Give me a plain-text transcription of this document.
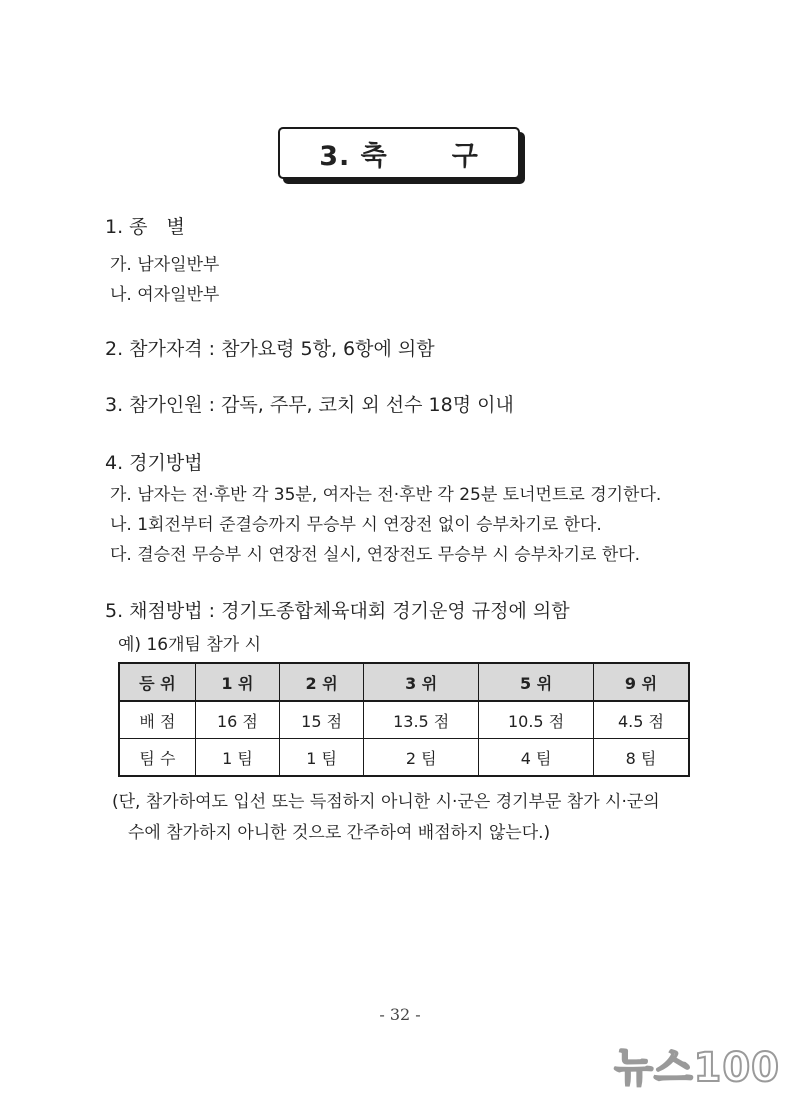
3. 축 구
1. 종　별
가. 남자일반부
나. 여자일반부
2. 참가자격 : 참가요령 5항, 6항에 의함
3. 참가인원 : 감독, 주무, 코치 외 선수 18명 이내
4. 경기방법
가. 남자는 전·후반 각 35분, 여자는 전·후반 각 25분 토너먼트로 경기한다.
나. 1회전부터 준결승까지 무승부 시 연장전 없이 승부차기로 한다.
다. 결승전 무승부 시 연장전 실시, 연장전도 무승부 시 승부차기로 한다.
5. 채점방법 : 경기도종합체육대회 경기운영 규정에 의함
예) 16개팀 참가 시
등 위	1 위	2 위	3 위	5 위	9 위
배 점	16 점	15 점	13.5 점	10.5 점	4.5 점
팀 수	1 팀	1 팀	2 팀	4 팀	8 팀
(단, 참가하여도 입선 또는 득점하지 아니한 시·군은 경기부문 참가 시·군의
수에 참가하지 아니한 것으로 간주하여 배점하지 않는다.)
- 32 -
뉴스100
